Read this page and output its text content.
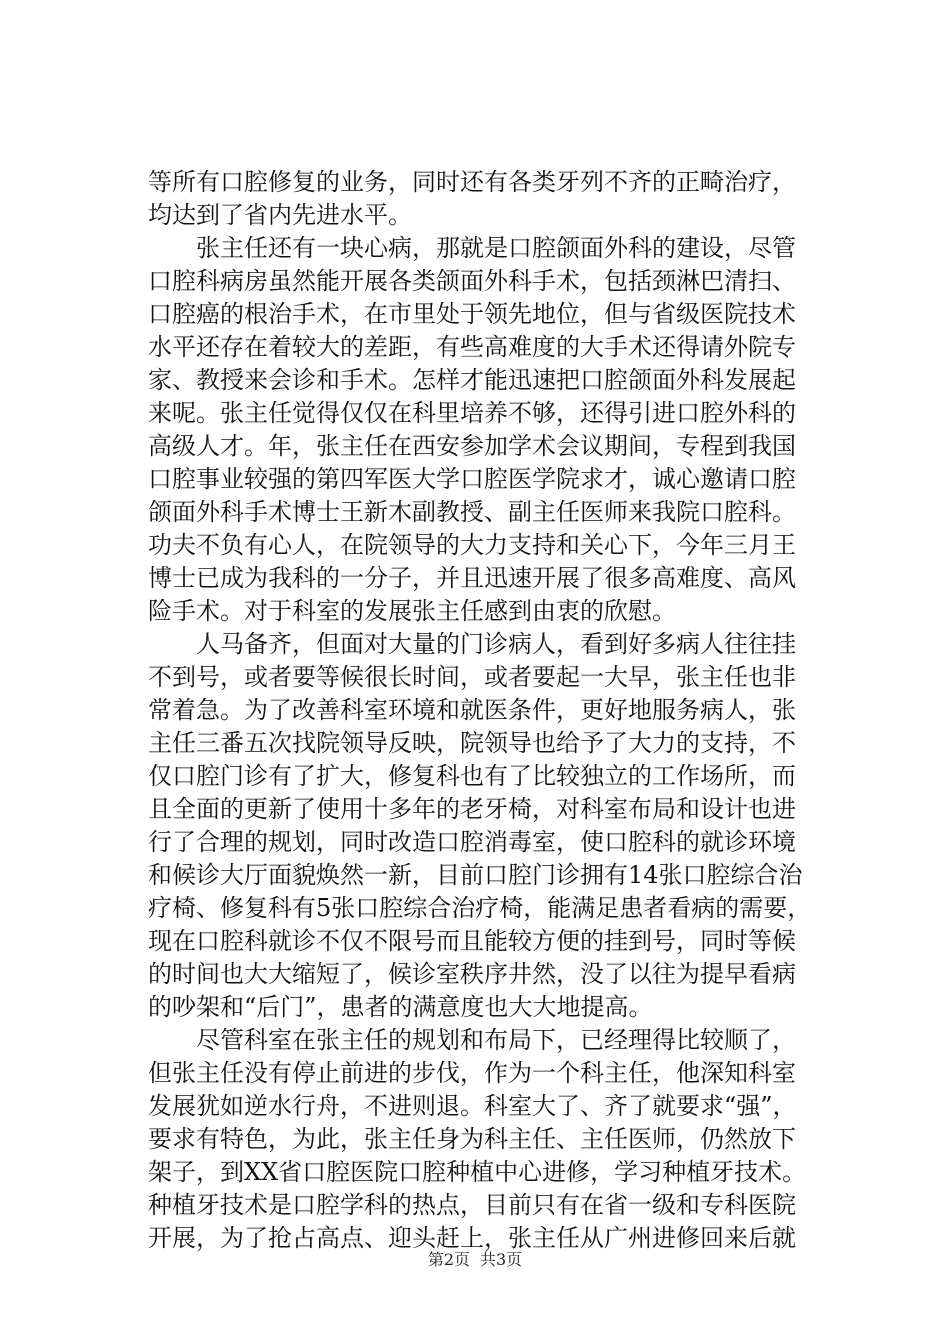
等所有口腔修复的业务，同时还有各类牙列不齐的正畸治疗，
均达到了省内先进水平。
张主任还有一块心病，那就是口腔颌面外科的建设，尽管
口腔科病房虽然能开展各类颌面外科手术，包括颈淋巴清扫、
口腔癌的根治手术，在市里处于领先地位，但与省级医院技术
水平还存在着较大的差距，有些高难度的大手术还得请外院专
家、教授来会诊和手术。怎样才能迅速把口腔颌面外科发展起
来呢。张主任觉得仅仅在科里培养不够，还得引进口腔外科的
高级人才。年，张主任在西安参加学术会议期间，专程到我国
口腔事业较强的第四军医大学口腔医学院求才，诚心邀请口腔
颌面外科手术博士王新木副教授、副主任医师来我院口腔科。
功夫不负有心人，在院领导的大力支持和关心下，今年三月王
博士已成为我科的一分子，并且迅速开展了很多高难度、高风
险手术。对于科室的发展张主任感到由衷的欣慰。
人马备齐，但面对大量的门诊病人，看到好多病人往往挂
不到号，或者要等候很长时间，或者要起一大早，张主任也非
常着急。为了改善科室环境和就医条件，更好地服务病人，张
主任三番五次找院领导反映，院领导也给予了大力的支持，不
仅口腔门诊有了扩大，修复科也有了比较独立的工作场所，而
且全面的更新了使用十多年的老牙椅，对科室布局和设计也进
行了合理的规划，同时改造口腔消毒室，使口腔科的就诊环境
和候诊大厅面貌焕然一新，目前口腔门诊拥有14张口腔综合治
疗椅、修复科有5张口腔综合治疗椅，能满足患者看病的需要，
现在口腔科就诊不仅不限号而且能较方便的挂到号，同时等候
的时间也大大缩短了，候诊室秩序井然，没了以往为提早看病
的吵架和“后门”，患者的满意度也大大地提高。
尽管科室在张主任的规划和布局下，已经理得比较顺了，
但张主任没有停止前进的步伐，作为一个科主任，他深知科室
发展犹如逆水行舟，不进则退。科室大了、齐了就要求“强”，
要求有特色，为此，张主任身为科主任、主任医师，仍然放下
架子，到XX省口腔医院口腔种植中心进修，学习种植牙技术。
种植牙技术是口腔学科的热点，目前只有在省一级和专科医院
开展，为了抢占高点、迎头赶上，张主任从广州进修回来后就
第2页 共3页
